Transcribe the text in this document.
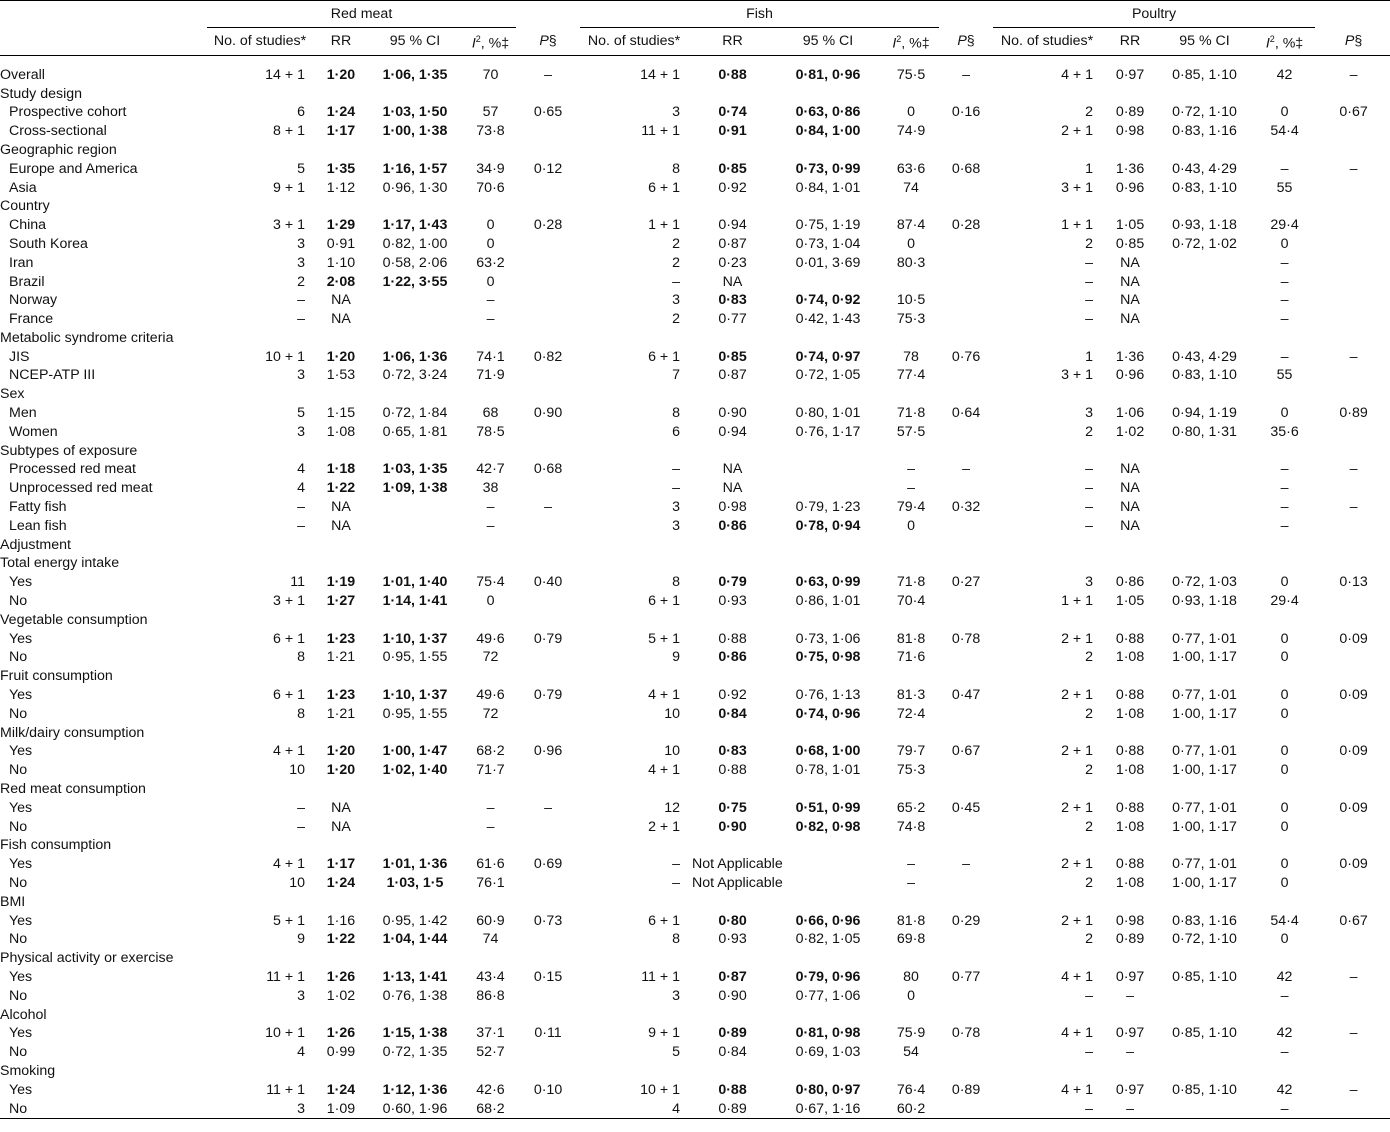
	Red meat					Fish					Poultry				

	No. of studies*	RR	95 % CI	$I^2$, %‡	P§	No. of studies*	RR	95 % CI	$I^2$, %‡	P§	No. of studies*	RR	95 % CI	$I^2$, %‡	P§

Overall	14 + 1	1·20	1·06, 1·35	70	–	14 + 1	0·88	0·81, 0·96	75·5	–	4 + 1	0·97	0·85, 1·10	42	–
Study design															
Prospective cohort	6	1·24	1·03, 1·50	57	0·65	3	0·74	0·63, 0·86	0	0·16	2	0·89	0·72, 1·10	0	0·67
Cross-sectional	8 + 1	1·17	1·00, 1·38	73·8		11 + 1	0·91	0·84, 1·00	74·9		2 + 1	0·98	0·83, 1·16	54·4	
Geographic region															
Europe and America	5	1·35	1·16, 1·57	34·9	0·12	8	0·85	0·73, 0·99	63·6	0·68	1	1·36	0·43, 4·29	–	–
Asia	9 + 1	1·12	0·96, 1·30	70·6		6 + 1	0·92	0·84, 1·01	74		3 + 1	0·96	0·83, 1·10	55	
Country															
China	3 + 1	1·29	1·17, 1·43	0	0·28	1 + 1	0·94	0·75, 1·19	87·4	0·28	1 + 1	1·05	0·93, 1·18	29·4	
South Korea	3	0·91	0·82, 1·00	0		2	0·87	0·73, 1·04	0		2	0·85	0·72, 1·02	0	
Iran	3	1·10	0·58, 2·06	63·2		2	0·23	0·01, 3·69	80·3		–	NA		–	
Brazil	2	2·08	1·22, 3·55	0		–	NA				–	NA		–	
Norway	–	NA		–		3	0·83	0·74, 0·92	10·5		–	NA		–	
France	–	NA		–		2	0·77	0·42, 1·43	75·3		–	NA		–	
Metabolic syndrome criteria															
JIS	10 + 1	1·20	1·06, 1·36	74·1	0·82	6 + 1	0·85	0·74, 0·97	78	0·76	1	1·36	0·43, 4·29	–	–
NCEP-ATP III	3	1·53	0·72, 3·24	71·9		7	0·87	0·72, 1·05	77·4		3 + 1	0·96	0·83, 1·10	55	
Sex															
Men	5	1·15	0·72, 1·84	68	0·90	8	0·90	0·80, 1·01	71·8	0·64	3	1·06	0·94, 1·19	0	0·89
Women	3	1·08	0·65, 1·81	78·5		6	0·94	0·76, 1·17	57·5		2	1·02	0·80, 1·31	35·6	
Subtypes of exposure															
Processed red meat	4	1·18	1·03, 1·35	42·7	0·68	–	NA		–	–	–	NA		–	–
Unprocessed red meat	4	1·22	1·09, 1·38	38		–	NA		–		–	NA		–	
Fatty fish	–	NA		–	–	3	0·98	0·79, 1·23	79·4	0·32	–	NA		–	–
Lean fish	–	NA		–		3	0·86	0·78, 0·94	0		–	NA		–	
Adjustment															
Total energy intake															
Yes	11	1·19	1·01, 1·40	75·4	0·40	8	0·79	0·63, 0·99	71·8	0·27	3	0·86	0·72, 1·03	0	0·13
No	3 + 1	1·27	1·14, 1·41	0		6 + 1	0·93	0·86, 1·01	70·4		1 + 1	1·05	0·93, 1·18	29·4	
Vegetable consumption															
Yes	6 + 1	1·23	1·10, 1·37	49·6	0·79	5 + 1	0·88	0·73, 1·06	81·8	0·78	2 + 1	0·88	0·77, 1·01	0	0·09
No	8	1·21	0·95, 1·55	72		9	0·86	0·75, 0·98	71·6		2	1·08	1·00, 1·17	0	
Fruit consumption															
Yes	6 + 1	1·23	1·10, 1·37	49·6	0·79	4 + 1	0·92	0·76, 1·13	81·3	0·47	2 + 1	0·88	0·77, 1·01	0	0·09
No	8	1·21	0·95, 1·55	72		10	0·84	0·74, 0·96	72·4		2	1·08	1·00, 1·17	0	
Milk/dairy consumption															
Yes	4 + 1	1·20	1·00, 1·47	68·2	0·96	10	0·83	0·68, 1·00	79·7	0·67	2 + 1	0·88	0·77, 1·01	0	0·09
No	10	1·20	1·02, 1·40	71·7		4 + 1	0·88	0·78, 1·01	75·3		2	1·08	1·00, 1·17	0	
Red meat consumption															
Yes	–	NA		–	–	12	0·75	0·51, 0·99	65·2	0·45	2 + 1	0·88	0·77, 1·01	0	0·09
No	–	NA		–		2 + 1	0·90	0·82, 0·98	74·8		2	1·08	1·00, 1·17	0	
Fish consumption															
Yes	4 + 1	1·17	1·01, 1·36	61·6	0·69	–	Not Applicable		–	–	2 + 1	0·88	0·77, 1·01	0	0·09
No	10	1·24	1·03, 1·5	76·1		–	Not Applicable		–		2	1·08	1·00, 1·17	0	
BMI															
Yes	5 + 1	1·16	0·95, 1·42	60·9	0·73	6 + 1	0·80	0·66, 0·96	81·8	0·29	2 + 1	0·98	0·83, 1·16	54·4	0·67
No	9	1·22	1·04, 1·44	74		8	0·93	0·82, 1·05	69·8		2	0·89	0·72, 1·10	0	
Physical activity or exercise															
Yes	11 + 1	1·26	1·13, 1·41	43·4	0·15	11 + 1	0·87	0·79, 0·96	80	0·77	4 + 1	0·97	0·85, 1·10	42	–
No	3	1·02	0·76, 1·38	86·8		3	0·90	0·77, 1·06	0		–	–		–	
Alcohol															
Yes	10 + 1	1·26	1·15, 1·38	37·1	0·11	9 + 1	0·89	0·81, 0·98	75·9	0·78	4 + 1	0·97	0·85, 1·10	42	–
No	4	0·99	0·72, 1·35	52·7		5	0·84	0·69, 1·03	54		–	–		–	
Smoking															
Yes	11 + 1	1·24	1·12, 1·36	42·6	0·10	10 + 1	0·88	0·80, 0·97	76·4	0·89	4 + 1	0·97	0·85, 1·10	42	–
No	3	1·09	0·60, 1·96	68·2		4	0·89	0·67, 1·16	60·2		–	–		–	
